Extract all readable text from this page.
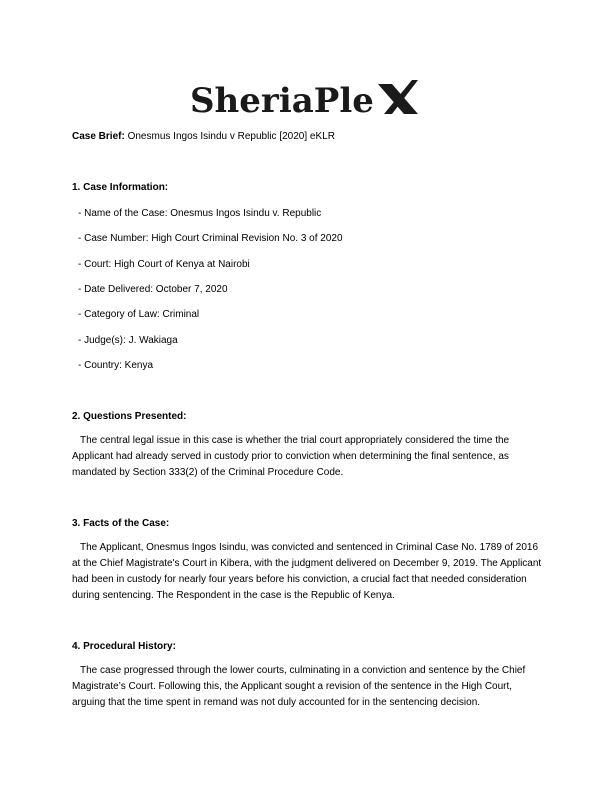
SheriaPle
Case Brief: Onesmus Ingos Isindu v Republic [2020] eKLR
1. Case Information:
- Name of the Case: Onesmus Ingos Isindu v. Republic
- Case Number: High Court Criminal Revision No. 3 of 2020
- Court: High Court of Kenya at Nairobi
- Date Delivered: October 7, 2020
- Category of Law: Criminal
- Judge(s): J. Wakiaga
- Country: Kenya
2. Questions Presented:
The central legal issue in this case is whether the trial court appropriately considered the time the Applicant had already served in custody prior to conviction when determining the final sentence, as mandated by Section 333(2) of the Criminal Procedure Code.
3. Facts of the Case:
The Applicant, Onesmus Ingos Isindu, was convicted and sentenced in Criminal Case No. 1789 of 2016 at the Chief Magistrate's Court in Kibera, with the judgment delivered on December 9, 2019. The Applicant had been in custody for nearly four years before his conviction, a crucial fact that needed consideration during sentencing. The Respondent in the case is the Republic of Kenya.
4. Procedural History:
The case progressed through the lower courts, culminating in a conviction and sentence by the Chief Magistrate’s Court. Following this, the Applicant sought a revision of the sentence in the High Court, arguing that the time spent in remand was not duly accounted for in the sentencing decision.
